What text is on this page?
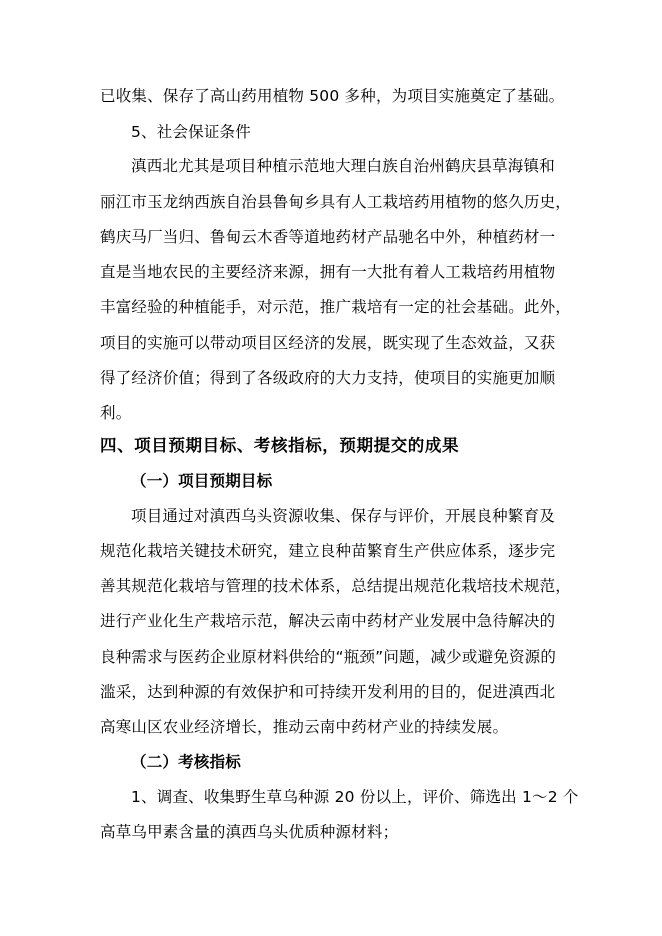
已收集、保存了高山药用植物 500 多种，为项目实施奠定了基础。
5、社会保证条件
滇西北尤其是项目种植示范地大理白族自治州鹤庆县草海镇和
丽江市玉龙纳西族自治县鲁甸乡具有人工栽培药用植物的悠久历史，
鹤庆马厂当归、鲁甸云木香等道地药材产品驰名中外，种植药材一
直是当地农民的主要经济来源，拥有一大批有着人工栽培药用植物
丰富经验的种植能手，对示范，推广栽培有一定的社会基础。此外，
项目的实施可以带动项目区经济的发展，既实现了生态效益，又获
得了经济价值；得到了各级政府的大力支持，使项目的实施更加顺
利。
四、项目预期目标、考核指标，预期提交的成果
（一）项目预期目标
项目通过对滇西乌头资源收集、保存与评价，开展良种繁育及
规范化栽培关键技术研究，建立良种苗繁育生产供应体系，逐步完
善其规范化栽培与管理的技术体系，总结提出规范化栽培技术规范，
进行产业化生产栽培示范，解决云南中药材产业发展中急待解决的
良种需求与医药企业原材料供给的“瓶颈”问题，减少或避免资源的
滥采，达到种源的有效保护和可持续开发利用的目的，促进滇西北
高寒山区农业经济增长，推动云南中药材产业的持续发展。
（二）考核指标
1、调查、收集野生草乌种源 20 份以上，评价、筛选出 1～2 个
高草乌甲素含量的滇西乌头优质种源材料；
